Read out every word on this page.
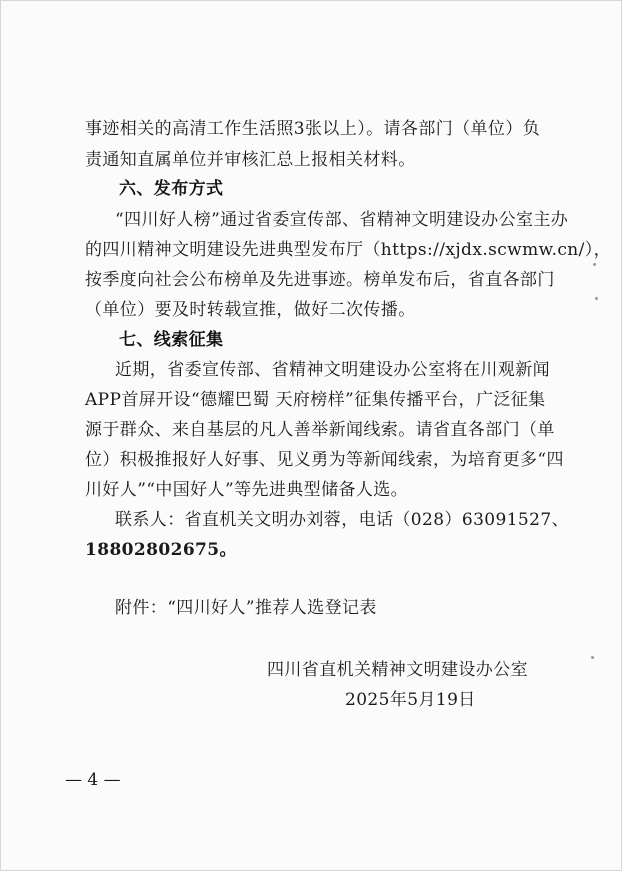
事迹相关的高清工作生活照3张以上）。请各部门（单位）负
责通知直属单位并审核汇总上报相关材料。
六、发布方式
“四川好人榜”通过省委宣传部、省精神文明建设办公室主办
的四川精神文明建设先进典型发布厅（https://xjdx.scwmw.cn/），
按季度向社会公布榜单及先进事迹。榜单发布后，省直各部门
（单位）要及时转载宣推，做好二次传播。
七、线索征集
近期，省委宣传部、省精神文明建设办公室将在川观新闻
APP首屏开设“德耀巴蜀 天府榜样”征集传播平台，广泛征集
源于群众、来自基层的凡人善举新闻线索。请省直各部门（单
位）积极推报好人好事、见义勇为等新闻线索，为培育更多“四
川好人”“中国好人”等先进典型储备人选。
联系人：省直机关文明办刘蓉，电话（028）63091527、
18802802675。
附件：“四川好人”推荐人选登记表
四川省直机关精神文明建设办公室
2025年5月19日
— 4 —
